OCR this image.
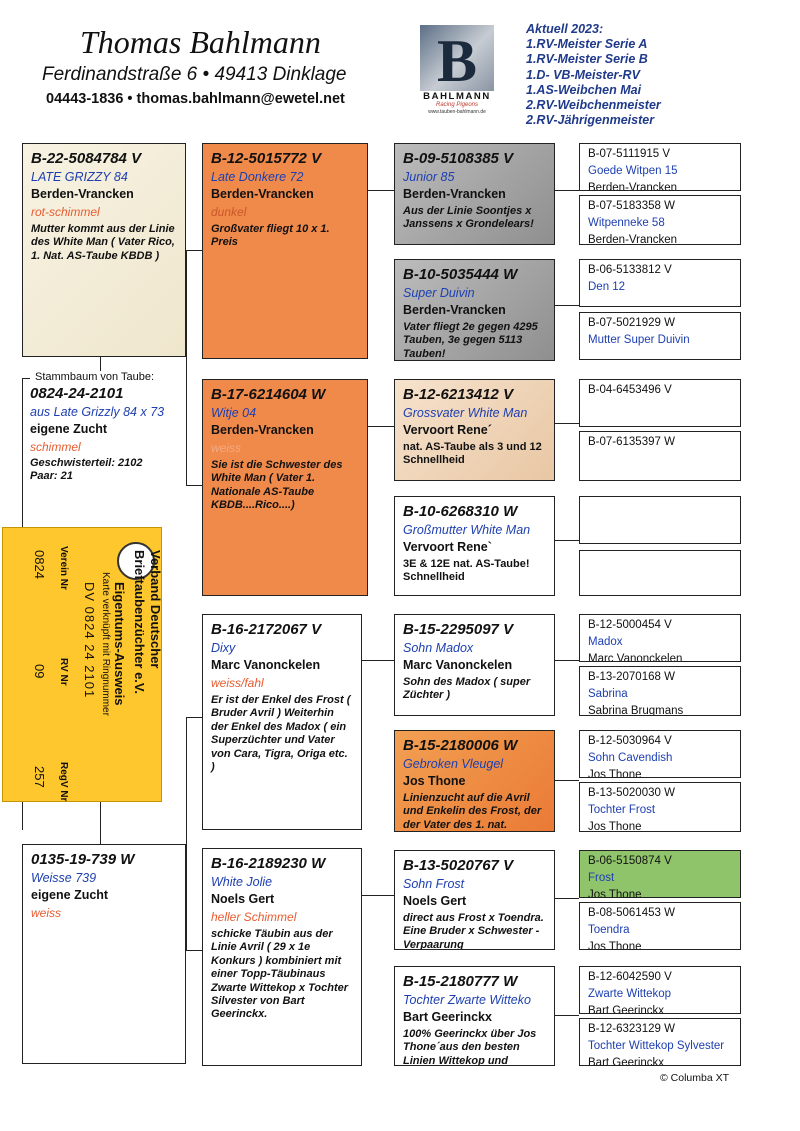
Thomas Bahlmann
Ferdinandstraße 6 • 49413 Dinklage
04443-1836 • thomas.bahlmann@ewetel.net
B
BAHLMANN
Racing Pigeons
www.tauben-bahlmann.de
Aktuell 2023:
1.RV-Meister Serie A
1.RV-Meister Serie B
1.D- VB-Meister-RV
1.AS-Weibchen Mai
2.RV-Weibchenmeister
2.RV-Jährigenmeister
B-22-5084784 V
LATE GRIZZY 84
Berden-Vrancken
rot-schimmel
Mutter kommt aus der Linie des White Man ( Vater Rico, 1. Nat. AS-Taube KBDB )
Stammbaum von Taube:
0824-24-2101
aus Late Grizzly 84 x 73
eigene Zucht
schimmel
Geschwisterteil: 2102
Paar: 21
0135-19-739 W
Weisse 739
eigene Zucht
weiss
B-12-5015772 V
Late Donkere 72
Berden-Vrancken
dunkel
Großvater fliegt 10 x 1. Preis
B-17-6214604 W
Witje 04
Berden-Vrancken
weiss
Sie ist die Schwester des White Man ( Vater 1. Nationale AS-Taube KBDB....Rico....)
B-16-2172067 V
Dixy
Marc Vanonckelen
weiss/fahl
Er ist der Enkel des Frost ( Bruder Avril ) Weiterhin der Enkel des Madox ( ein Superzüchter und Vater von Cara, Tigra, Origa etc. )
B-16-2189230 W
White Jolie
Noels Gert
heller Schimmel
schicke Täubin aus der Linie Avril ( 29 x 1e Konkurs ) kombiniert mit einer Topp-Täubinaus Zwarte Wittekop x Tochter Silvester von Bart Geerinckx.
B-09-5108385 V
Junior 85
Berden-Vrancken
Aus der Linie Soontjes x Janssens x Grondelears!
B-10-5035444 W
Super Duivin
Berden-Vrancken
Vater fliegt 2e gegen 4295 Tauben, 3e gegen 5113 Tauben!
B-12-6213412 V
Grossvater White Man
Vervoort Rene´
nat. AS-Taube als 3 und 12 Schnellheid
B-10-6268310 W
Großmutter White Man
Vervoort Rene`
3E & 12E nat. AS-Taube! Schnellheid
B-15-2295097 V
Sohn Madox
Marc Vanonckelen
Sohn des Madox ( super Züchter )
B-15-2180006 W
Gebroken Vleugel
Jos Thone
Linienzucht auf die Avril und Enkelin des Frost, der der Vater des 1. nat.
B-13-5020767 V
Sohn Frost
Noels Gert
direct aus Frost x Toendra. Eine Bruder x Schwester - Verpaarung
B-15-2180777 W
Tochter Zwarte Witteko
Bart Geerinckx
100% Geerinckx über Jos Thone´aus den besten Linien Wittekop und
B-07-5111915 V
Goede Witpen 15
Berden-Vrancken
B-07-5183358 W
Witpenneke 58
Berden-Vrancken
B-06-5133812 V
Den 12
B-07-5021929 W
Mutter Super Duivin
B-04-6453496 V
B-07-6135397 W
B-12-5000454 V
Madox
Marc Vanonckelen
B-13-2070168 W
Sabrina
Sabrina Brugmans
B-12-5030964 V
Sohn Cavendish
Jos Thone
B-13-5020030 W
Tochter Frost
Jos Thone
B-06-5150874 V
Frost
Jos Thone
B-08-5061453 W
Toendra
Jos Thone
B-12-6042590 V
Zwarte Wittekop
Bart Geerinckx
B-12-6323129 W
Tochter Wittekop Sylvester
Bart Geerinckx
Verband Deutscher
Brieftaubenzüchter e.V.
Eigentums-Ausweis
Karte verknüpft mit Ringnummer
DV 0824 24 2101
RegV Nr
RV Nr
Verein Nr
257
09
0824
© Columba XT
